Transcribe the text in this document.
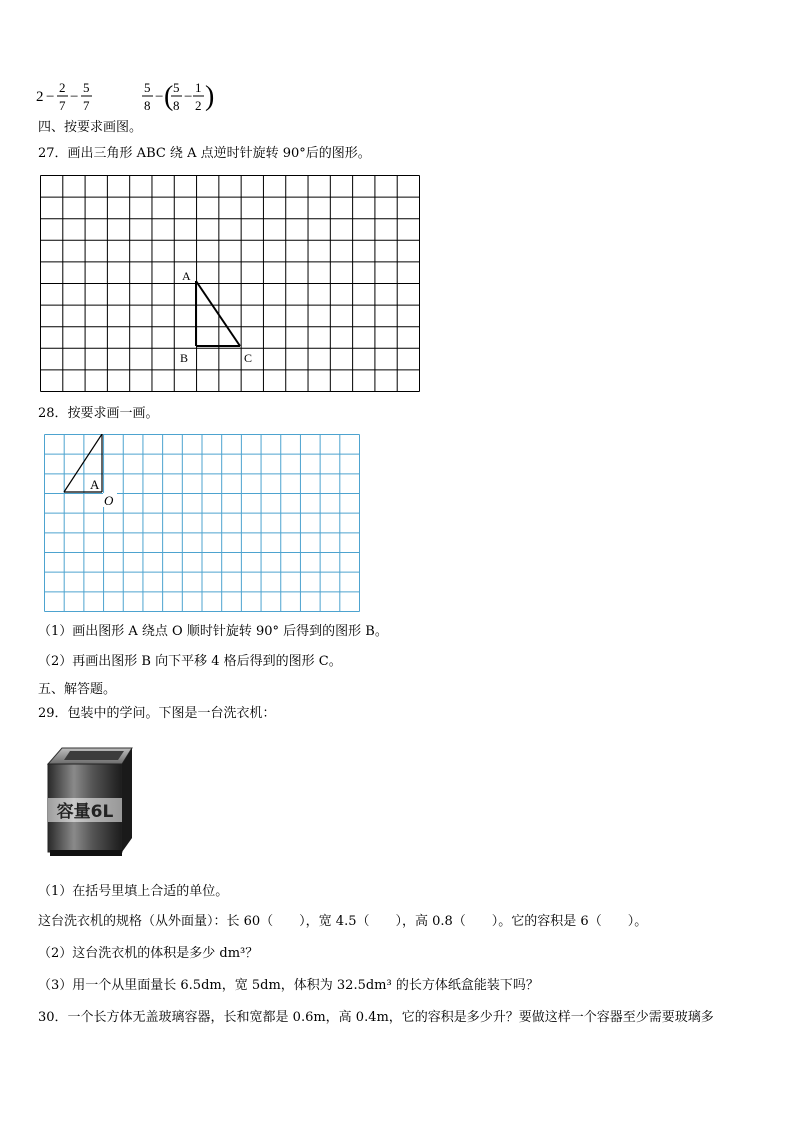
2 −
2
7
−
5
7
5
8
− ( 5
8
−
1
2 )
四、按要求画图。
27．画出三角形 ABC 绕 A 点逆时针旋转 90°后的图形。
A
B	C
28．按要求画一画。
A
O
（1）画出图形 A 绕点 O 顺时针旋转 90° 后得到的图形 B。
（2）再画出图形 B 向下平移 4 格后得到的图形 C。
五、解答题。
29．包装中的学问。下图是一台洗衣机：
容量6L
（1）在括号里填上合适的单位。
这台洗衣机的规格（从外面量）：长 60（　　），宽 4.5（　　），高 0.8（　　）。它的容积是 6（　　）。
（2）这台洗衣机的体积是多少 dm³？
（3）用一个从里面量长 6.5dm，宽 5dm，体积为 32.5dm³ 的长方体纸盒能装下吗？
30．一个长方体无盖玻璃容器，长和宽都是 0.6m，高 0.4m，它的容积是多少升？要做这样一个容器至少需要玻璃多
